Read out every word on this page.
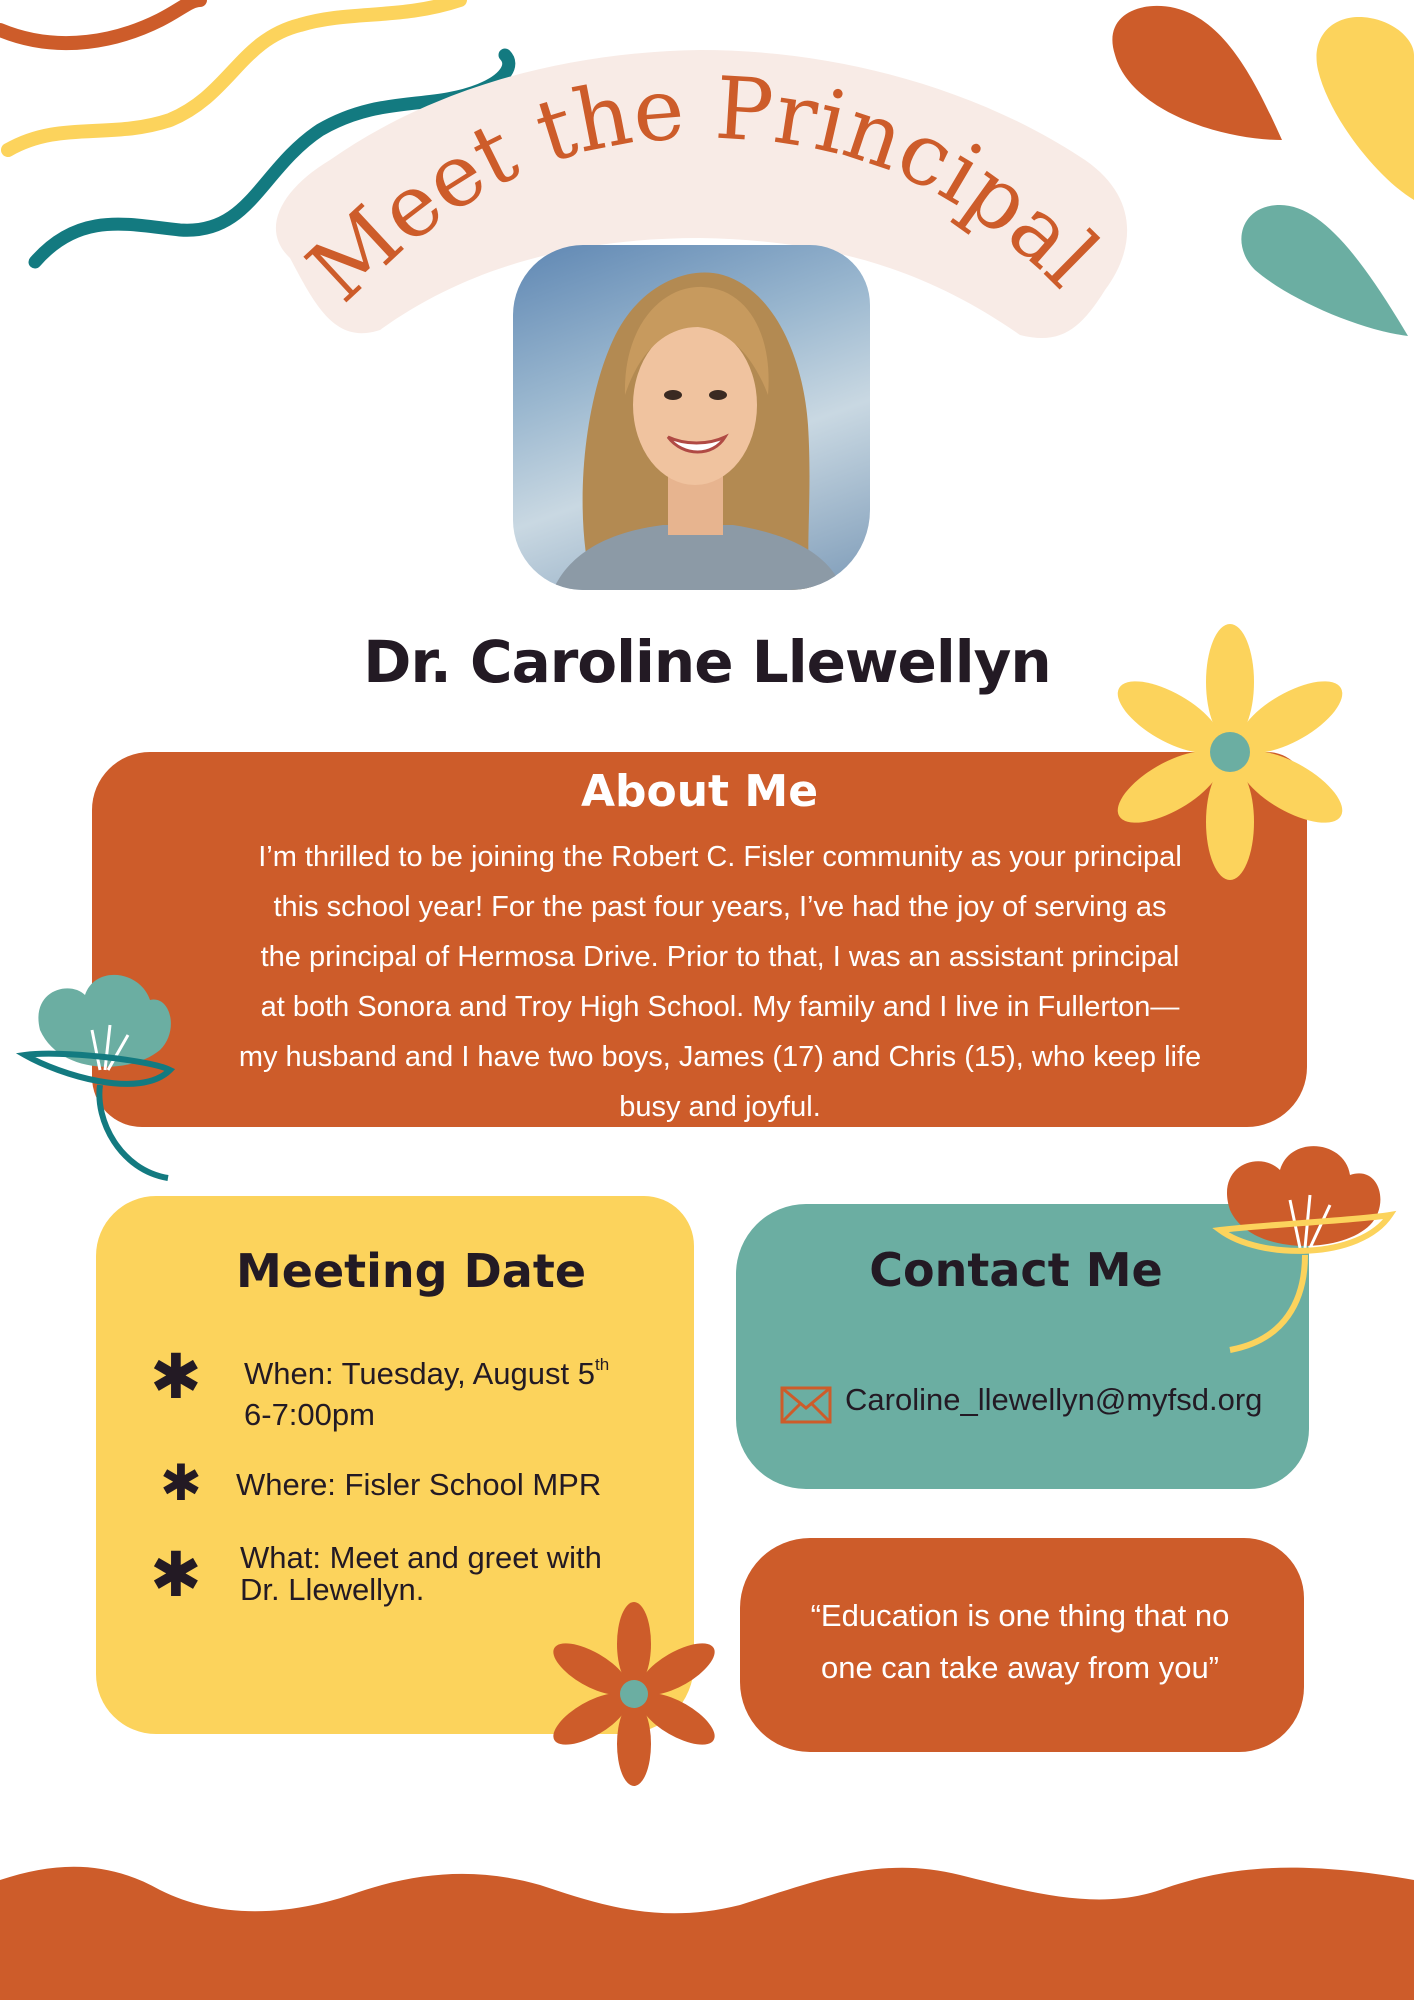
Meet the Principal
Dr. Caroline Llewellyn
About Me
I’m thrilled to be joining the Robert C. Fisler community as your principal
this school year! For the past four years, I’ve had the joy of serving as
the principal of Hermosa Drive. Prior to that, I was an assistant principal
at both Sonora and Troy High School. My family and I live in Fullerton—
my husband and I have two boys, James (17) and Chris (15), who keep life
busy and joyful.
Meeting Date
✱ When: Tuesday, August 5th
6-7:00pm
✱ Where: Fisler School MPR
✱ What: Meet and greet with
Dr. Llewellyn.
Contact Me
Caroline_llewellyn@myfsd.org
“Education is one thing that no
one can take away from you”
